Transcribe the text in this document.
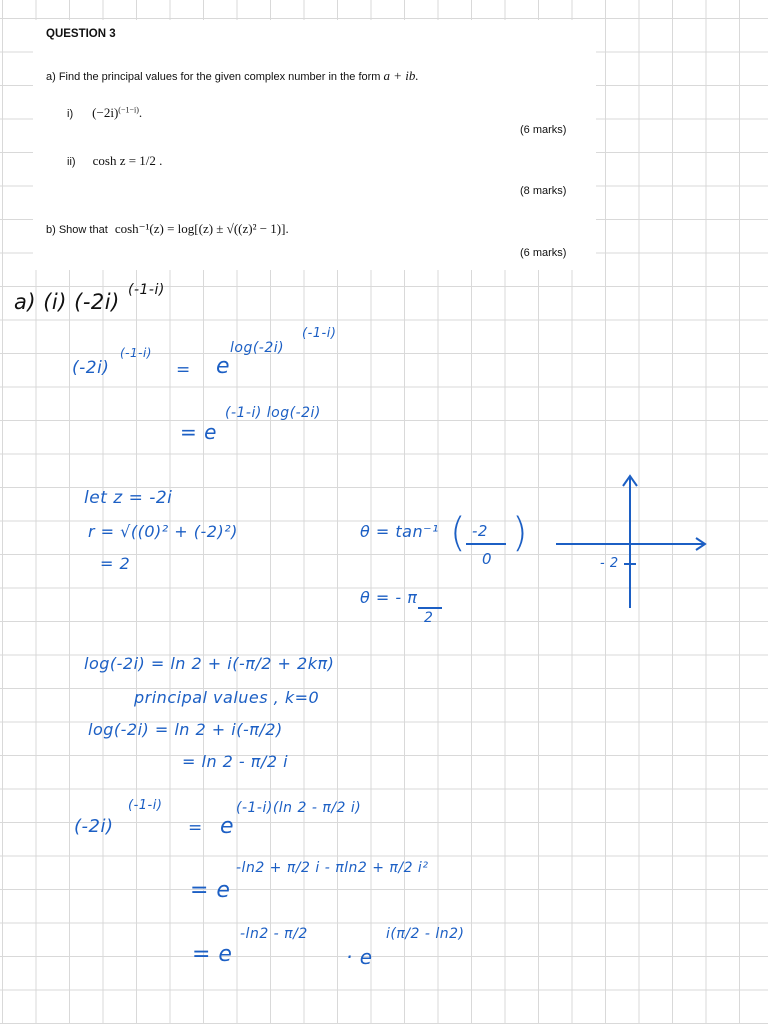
QUESTION 3
a) Find the principal values for the given complex number in the form a + ib.
i) $(-2i)^{(-1-i)}$.
(6 marks)
ii) cosh z = 1/2 .
(8 marks)
b) Show that cosh⁻¹(z) = log[(z) ± √((z)² − 1)].
(6 marks)
a) (i) (-2i) (-1-i)
(-2i)
(-1-i)
= e
log(-2i)
(-1-i)
= e
(-1-i) log(-2i)
let z = -2i
r = √((0)² + (-2)²)
= 2
θ = tan⁻¹ ( -2
0
)
θ = - π
2
- 2
log(-2i) = ln 2 + i(-π/2 + 2kπ)
principal values , k=0
log(-2i) = ln 2 + i(-π/2)
= ln 2 - π/2 i
(-2i)
(-1-i)
= e
(-1-i)(ln 2 - π/2 i)
= e
-ln2 + π/2 i - πln2 + π/2 i²
= e
-ln2 - π/2
· e
i(π/2 - ln2)
